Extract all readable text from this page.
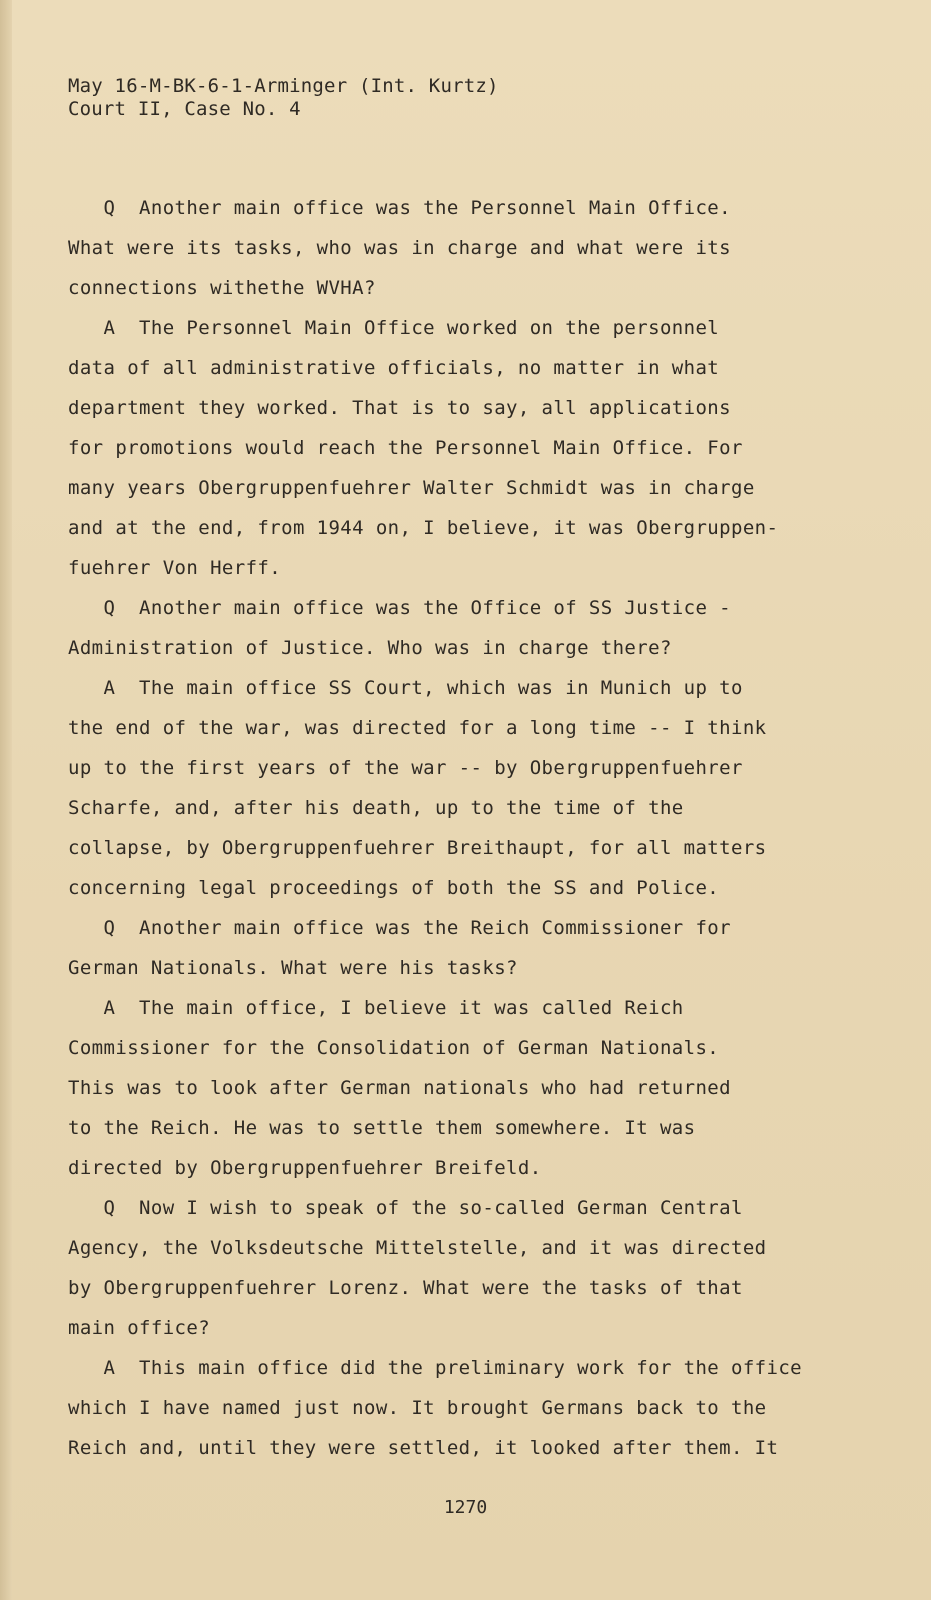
May 16-M-BK-6-1-Arminger (Int. Kurtz)
Court II, Case No. 4
Q  Another main office was the Personnel Main Office.
What were its tasks, who was in charge and what were its
connections withethe WVHA?
A  The Personnel Main Office worked on the personnel
data of all administrative officials, no matter in what
department they worked. That is to say, all applications
for promotions would reach the Personnel Main Office. For
many years Obergruppenfuehrer Walter Schmidt was in charge
and at the end, from 1944 on, I believe, it was Obergruppen-
fuehrer Von Herff.
Q  Another main office was the Office of SS Justice -
Administration of Justice. Who was in charge there?
A  The main office SS Court, which was in Munich up to
the end of the war, was directed for a long time -- I think
up to the first years of the war -- by Obergruppenfuehrer
Scharfe, and, after his death, up to the time of the
collapse, by Obergruppenfuehrer Breithaupt, for all matters
concerning legal proceedings of both the SS and Police.
Q  Another main office was the Reich Commissioner for
German Nationals. What were his tasks?
A  The main office, I believe it was called Reich
Commissioner for the Consolidation of German Nationals.
This was to look after German nationals who had returned
to the Reich. He was to settle them somewhere. It was
directed by Obergruppenfuehrer Breifeld.
Q  Now I wish to speak of the so-called German Central
Agency, the Volksdeutsche Mittelstelle, and it was directed
by Obergruppenfuehrer Lorenz. What were the tasks of that
main office?
A  This main office did the preliminary work for the office
which I have named just now. It brought Germans back to the
Reich and, until they were settled, it looked after them. It
1270
